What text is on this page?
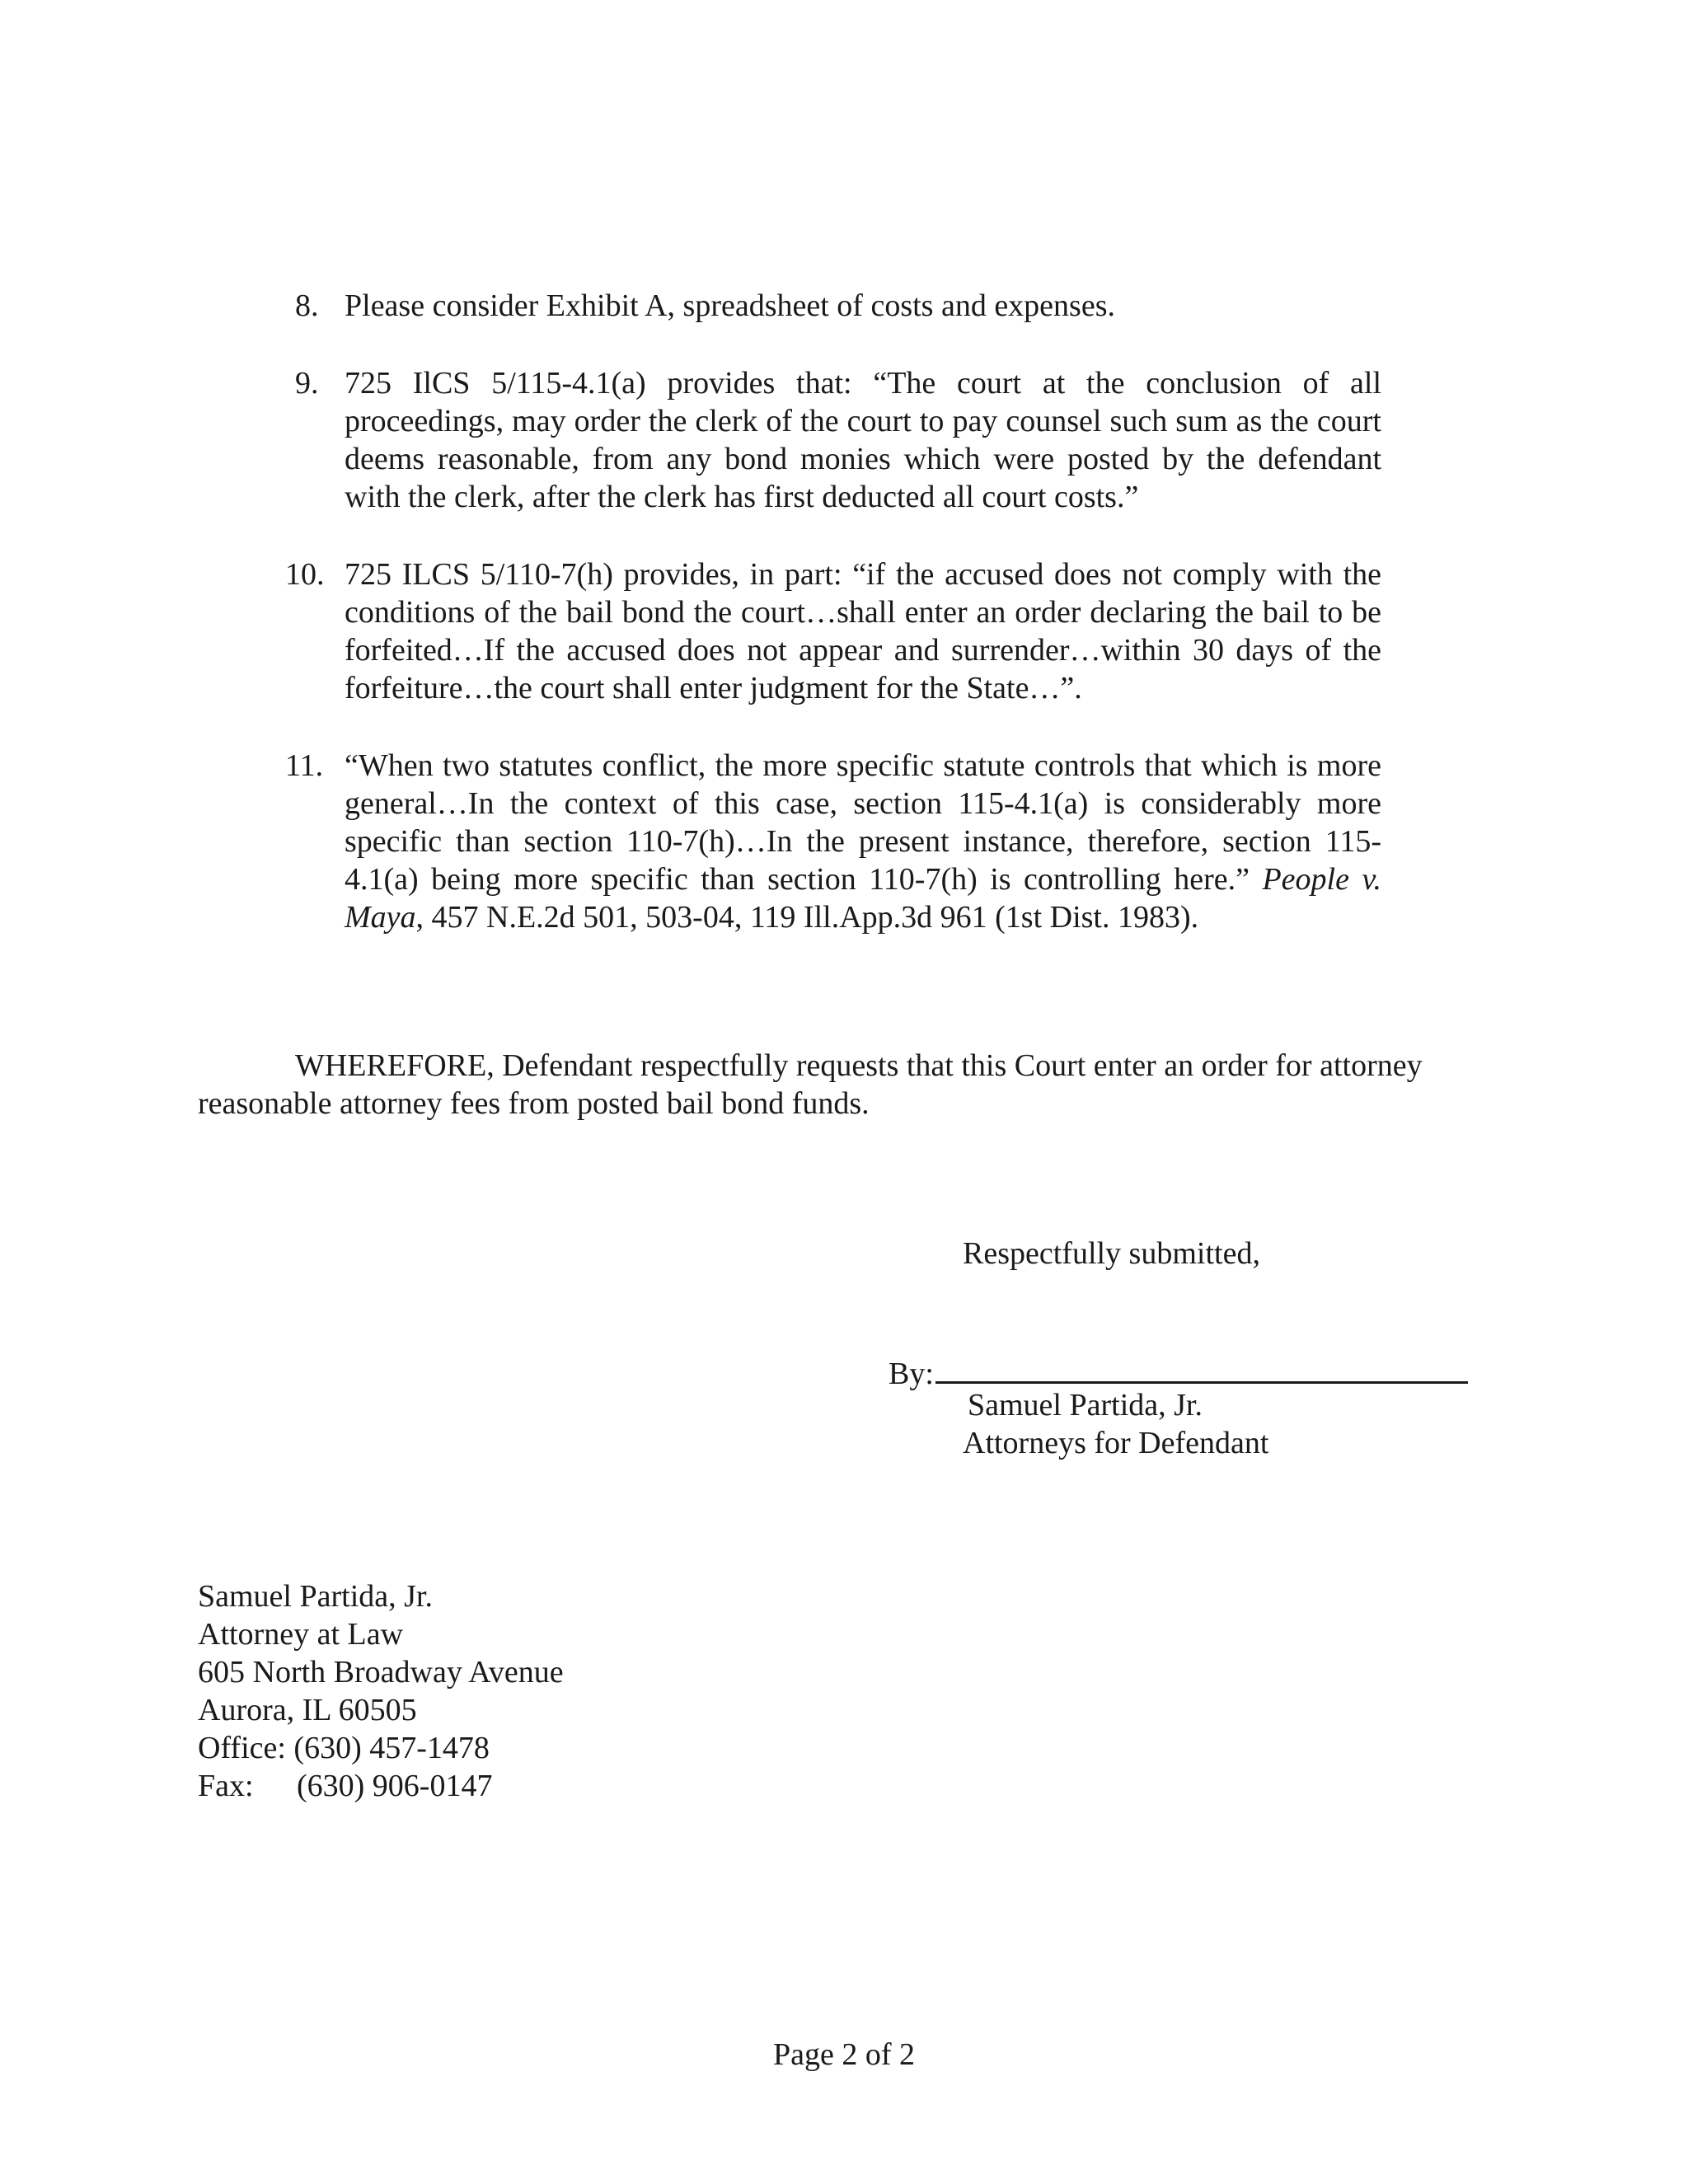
8. Please consider Exhibit A, spreadsheet of costs and expenses.
9. 725 IlCS 5/115-4.1(a) provides that: “The court at the conclusion of all proceedings, may order the clerk of the court to pay counsel such sum as the court deems reasonable, from any bond monies which were posted by the defendant with the clerk, after the clerk has first deducted all court costs.”
10. 725 ILCS 5/110-7(h) provides, in part: “if the accused does not comply with the conditions of the bail bond the court…shall enter an order declaring the bail to be forfeited…If the accused does not appear and surrender…within 30 days of the forfeiture…the court shall enter judgment for the State…”.
11. “When two statutes conflict, the more specific statute controls that which is more general…In the context of this case, section 115-4.1(a) is considerably more specific than section 110-7(h)…In the present instance, therefore, section 115-4.1(a) being more specific than section 110-7(h) is controlling here.” People v. Maya, 457 N.E.2d 501, 503-04, 119 Ill.App.3d 961 (1st Dist. 1983).
WHEREFORE, Defendant respectfully requests that this Court enter an order for attorney
reasonable attorney fees from posted bail bond funds.
Respectfully submitted,
By:
Samuel Partida, Jr.
Attorneys for Defendant
Samuel Partida, Jr.
Attorney at Law
605 North Broadway Avenue
Aurora, IL 60505
Office: (630) 457-1478
Fax: (630) 906-0147
Page 2 of 2
